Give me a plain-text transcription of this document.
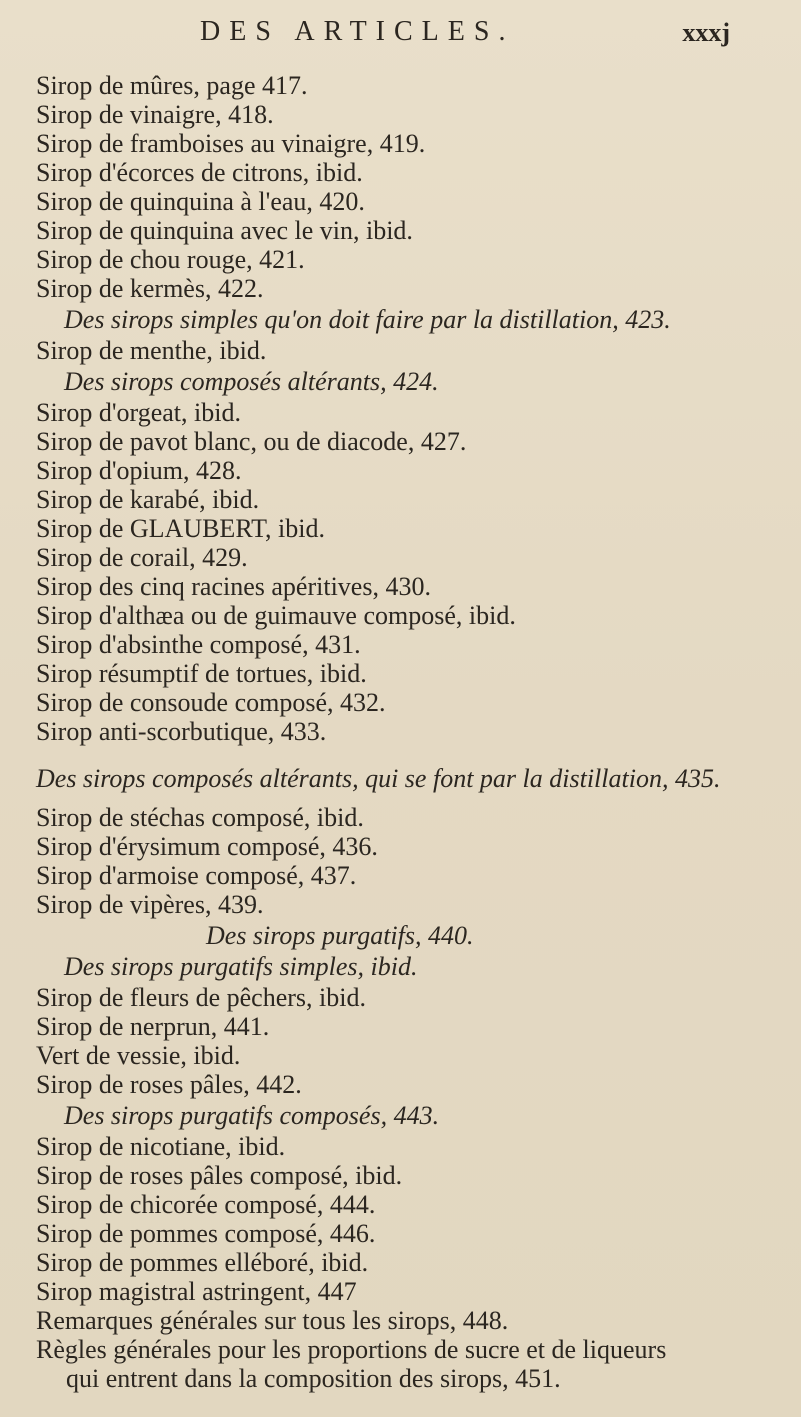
DES ARTICLES.	xxxj
Sirop de mûres, page 417.
Sirop de vinaigre, 418.
Sirop de framboises au vinaigre, 419.
Sirop d'écorces de citrons, ibid.
Sirop de quinquina à l'eau, 420.
Sirop de quinquina avec le vin, ibid.
Sirop de chou rouge, 421.
Sirop de kermès, 422.
Des sirops simples qu'on doit faire par la distillation, 423.
Sirop de menthe, ibid.
Des sirops composés altérants, 424.
Sirop d'orgeat, ibid.
Sirop de pavot blanc, ou de diacode, 427.
Sirop d'opium, 428.
Sirop de karabé, ibid.
Sirop de GLAUBERT, ibid.
Sirop de corail, 429.
Sirop des cinq racines apéritives, 430.
Sirop d'althæa ou de guimauve composé, ibid.
Sirop d'absinthe composé, 431.
Sirop résumptif de tortues, ibid.
Sirop de consoude composé, 432.
Sirop anti-scorbutique, 433.
Des sirops composés altérants, qui se font par la distillation, 435.
Sirop de stéchas composé, ibid.
Sirop d'érysimum composé, 436.
Sirop d'armoise composé, 437.
Sirop de vipères, 439.
Des sirops purgatifs, 440.
Des sirops purgatifs simples, ibid.
Sirop de fleurs de pêchers, ibid.
Sirop de nerprun, 441.
Vert de vessie, ibid.
Sirop de roses pâles, 442.
Des sirops purgatifs composés, 443.
Sirop de nicotiane, ibid.
Sirop de roses pâles composé, ibid.
Sirop de chicorée composé, 444.
Sirop de pommes composé, 446.
Sirop de pommes elléboré, ibid.
Sirop magistral astringent, 447
Remarques générales sur tous les sirops, 448.
Règles générales pour les proportions de sucre et de liqueurs
qui entrent dans la composition des sirops, 451.
